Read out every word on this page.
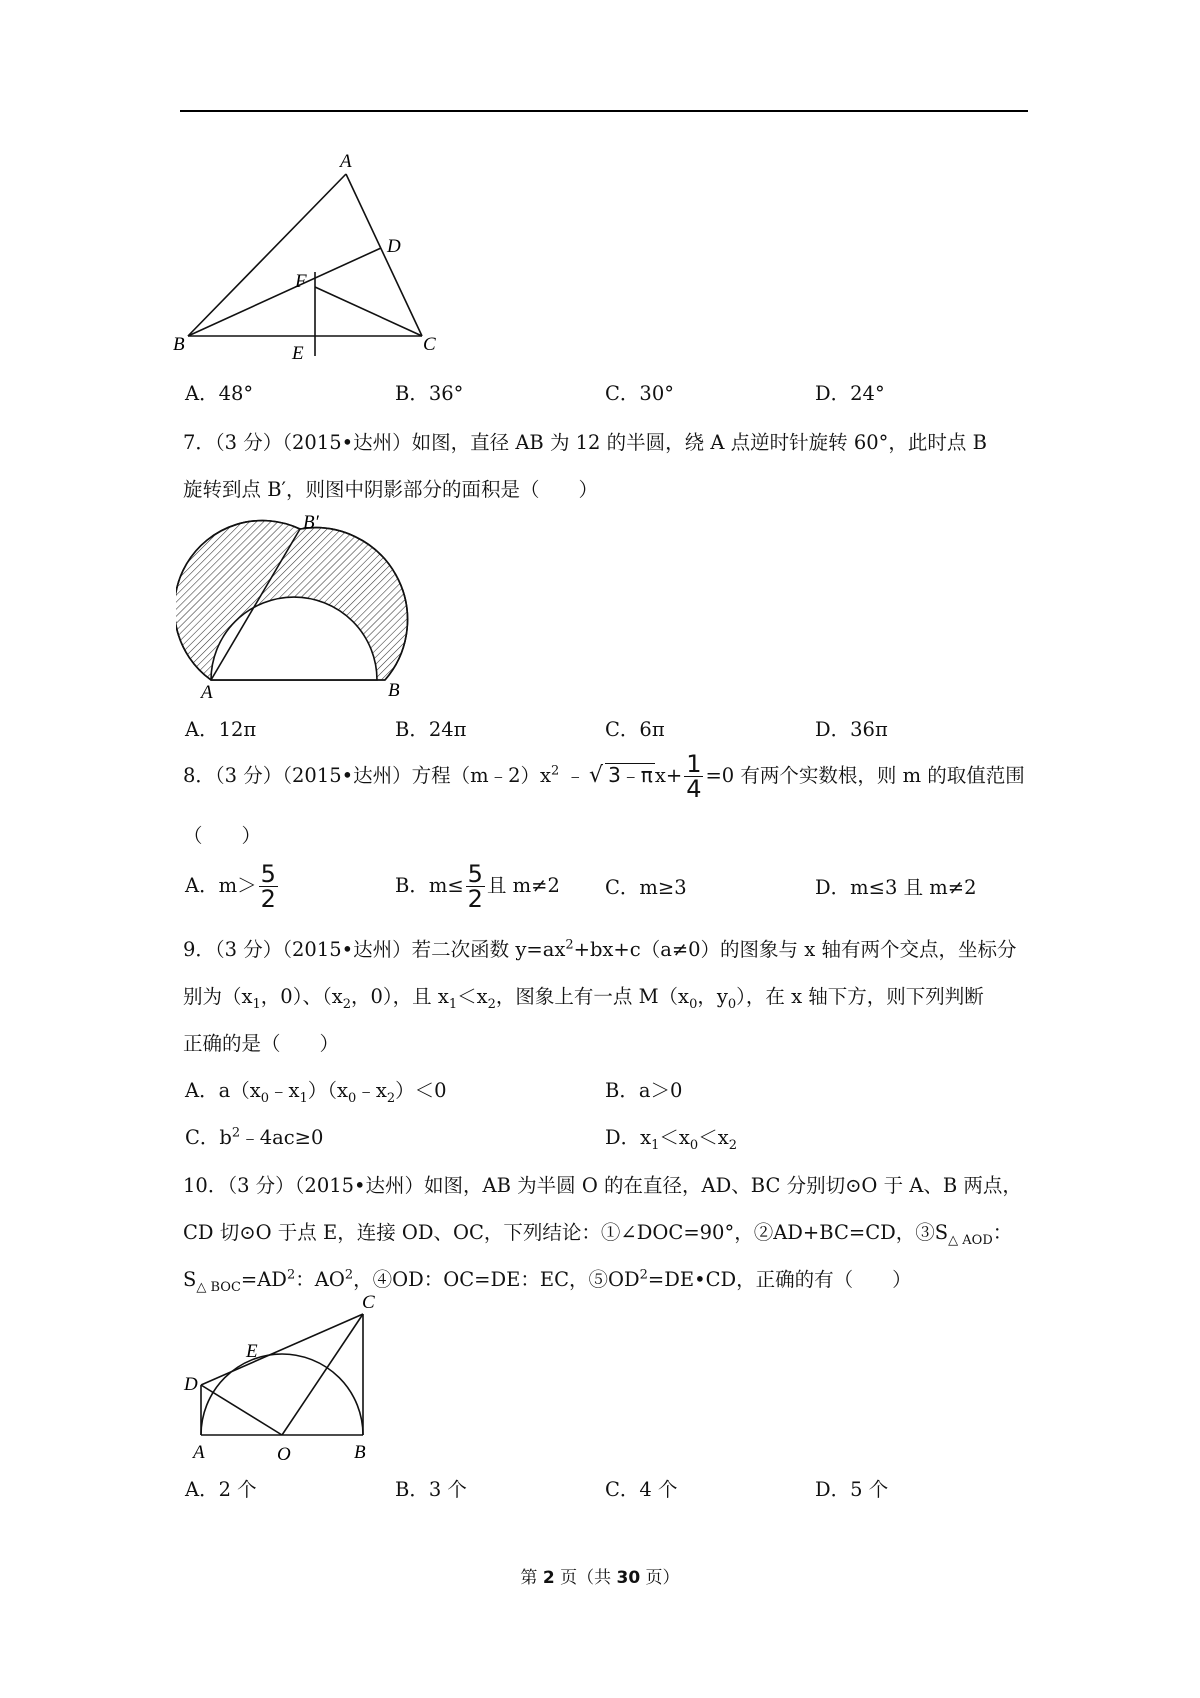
A
B	C
D
E
F
A．48°	B．36°	C．30°	D．24°
7．（3 分）（2015•达州）如图，直径 AB 为 12 的半圆，绕 A 点逆时针旋转 60°，此时点 B
旋转到点 B′，则图中阴影部分的面积是（　　）
A	B
B′
A．12π	B．24π	C．6π	D．36π
8．（3 分）（2015•达州）方程$(m﹣2)x^2$ ﹣ √ 3﹣π $x+ \frac{1}{4} =0$ 有两个实数根，则 m 的取值范围
（　　）
A．$m> \frac{5}{2}$	B．$m\le \frac{5}{2}$ 且 m≠2 C．m≥3	D．m≤3 且 m≠2
9．（3 分）（2015•达州）若二次函数 $y=ax^2+bx+c(a\ne 0)$的图象与 x 轴有两个交点，坐标分
别为（$x_1$，0）、（$x_2$，0），且 $x_1<x_2$，图象上有一点 $M(x_0$，$y_0$），在 x 轴下方，则下列判断
正确的是（　　）
A．$a(x_0﹣x_1)(x_0﹣x_2)<0$	B．a＞0
C．$b^2﹣4ac\ge 0$	D．$x_1<x_0<x_2$
10．（3 分）（2015•达州）如图，AB 为半圆 O 的在直径，AD、BC 分别切⊙O 于 A、B 两点，
CD 切⊙O 于点 E，连接 OD、OC，下列结论：①∠DOC=90°，②AD+BC=CD，$③S_{\triangle AOD}$：
$S_{\triangle BOC}=AD^2$：$AO^2$，④OD：OC=DE：EC，$⑤OD^2=DE•CD$，正确的有（　　）
D
E
C
A	O	B
A．2 个	B．3 个	C．4 个	D．5 个
第 2 页（共 30 页）
